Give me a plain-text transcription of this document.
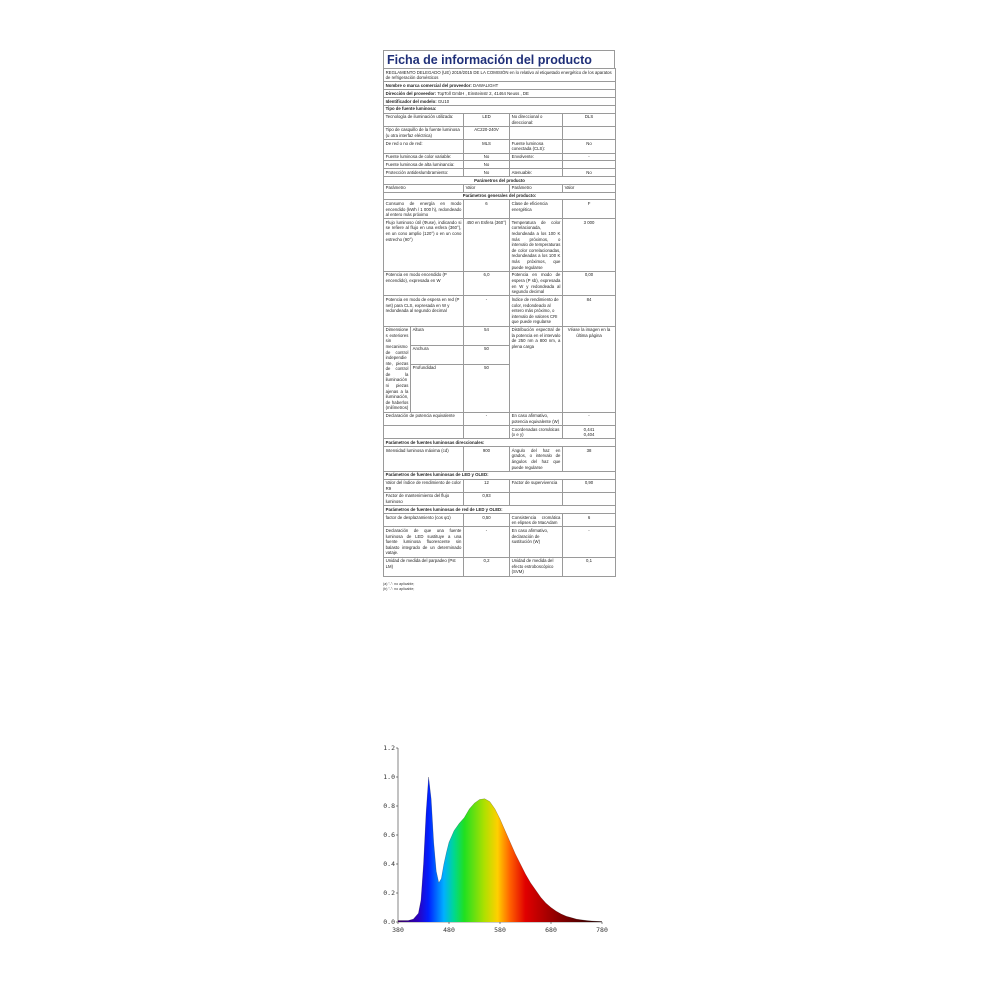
Ficha de información del producto
REGLAMENTO DELEGADO (UE) 2019/2015 DE LA COMISIÓN en lo relativo al etiquetado energético de los aparatos de refrigeración domésticos				
Nombre o marca comercial del proveedor: DAWALIGHT				
Dirección del proveedor: TopToll GmbH , Einsteinstr 2, 41464 Neuss , DE				
Identificador del modelo: GU10				
Tipo de fuente luminosa:				
Tecnología de iluminación utilizada:		LED	No direccional o direccional:	DLS
Tipo de casquillo de la fuente luminosa (u otra interfaz eléctrica)		AC220-240V		
De red o no de red:		MLS	Fuente luminosa conectada (CLS):	No
Fuente luminosa de color variable:		No	Envolvente:	-
Fuente luminosa de alta luminancia:		No		
Protección antideslumbramiento:		No	Atenuable:	No
Parámetros del producto				
Parámetro		Valor	Parámetro	Valor
Parámetros generales del producto:				
Consumo de energía en modo encendido (kWh / 1 000 h), redondeado al entero más próximo		6	Clase de eficiencia energética	F
Flujo luminoso útil (Φuse), indicando si se refiere al flujo en una esfera (360°), en un cono amplio (120°) o en un cono estrecho (90°)		450 en Esfera (360°)	Temperatura de color correlacionada, redondeada a los 100 K más próximos, o intervalo de temperaturas de color correlacionadas, redondeadas a los 100 K más próximos, que puede regularse	3 000
Potencia en modo encendido (P encendido), expresada en W		6,0	Potencia en modo de espera (P sb), expresada en W y redondeada al segundo decimal	0,00
Potencia en modo de espera en red (P net) para CLS, expresada en W y redondeada al segundo decimal		-	Índice de rendimiento de color, redondeado al entero más próximo, o intervalo de valores CRI que puede regularse	84
Dimensiones exteriores sin mecanismo de control independiente, piezas de control de la iluminación ni piezas ajenas a la iluminación, de haberlos (milímetros)	Altura	54	Distribución espectral de la potencia en el intervalo de 250 nm a 800 nm, a plena carga	Véase la imagen en la última página
	Anchura	50		
	Profundidad	50		
Declaración de potencia equivalente		-	En caso afirmativo, potencia equivalente (W)	-
			Coordenadas cromáticas (x e y)	0,441
0,404
Parámetros de fuentes luminosas direccionales:				
Intensidad luminosa máxima (cd)		900	Ángulo del haz en grados, o intervalo de ángulos del haz que puede regularse	38
Parámetros de fuentes luminosas de LED y OLED:				
Valor del índice de rendimiento de color R9		12	Factor de supervivencia	0,90
Factor de mantenimiento del flujo luminoso		0,93		
Parámetros de fuentes luminosas de red de LED y OLED:				
factor de desplazamiento (cos φ1)		0,50	Consistencia cromática en elipses de MacAdam	6
Declaración de que una fuente luminosa de LED sustituye a una fuente luminosa fluorescente sin balasto integrado de un determinado vataje.		-	En caso afirmativo, declaración de sustitución (W)	-
Unidad de medida del parpadeo (Pst LM)		0,2	Unidad de medida del efecto estroboscópico (SVM)	0,1
(a) "-": no aplicable;
(b) "-": no aplicable;
0.0
0.2
0.4
0.6
0.8
1.0
1.2
380	480	580	680	780
